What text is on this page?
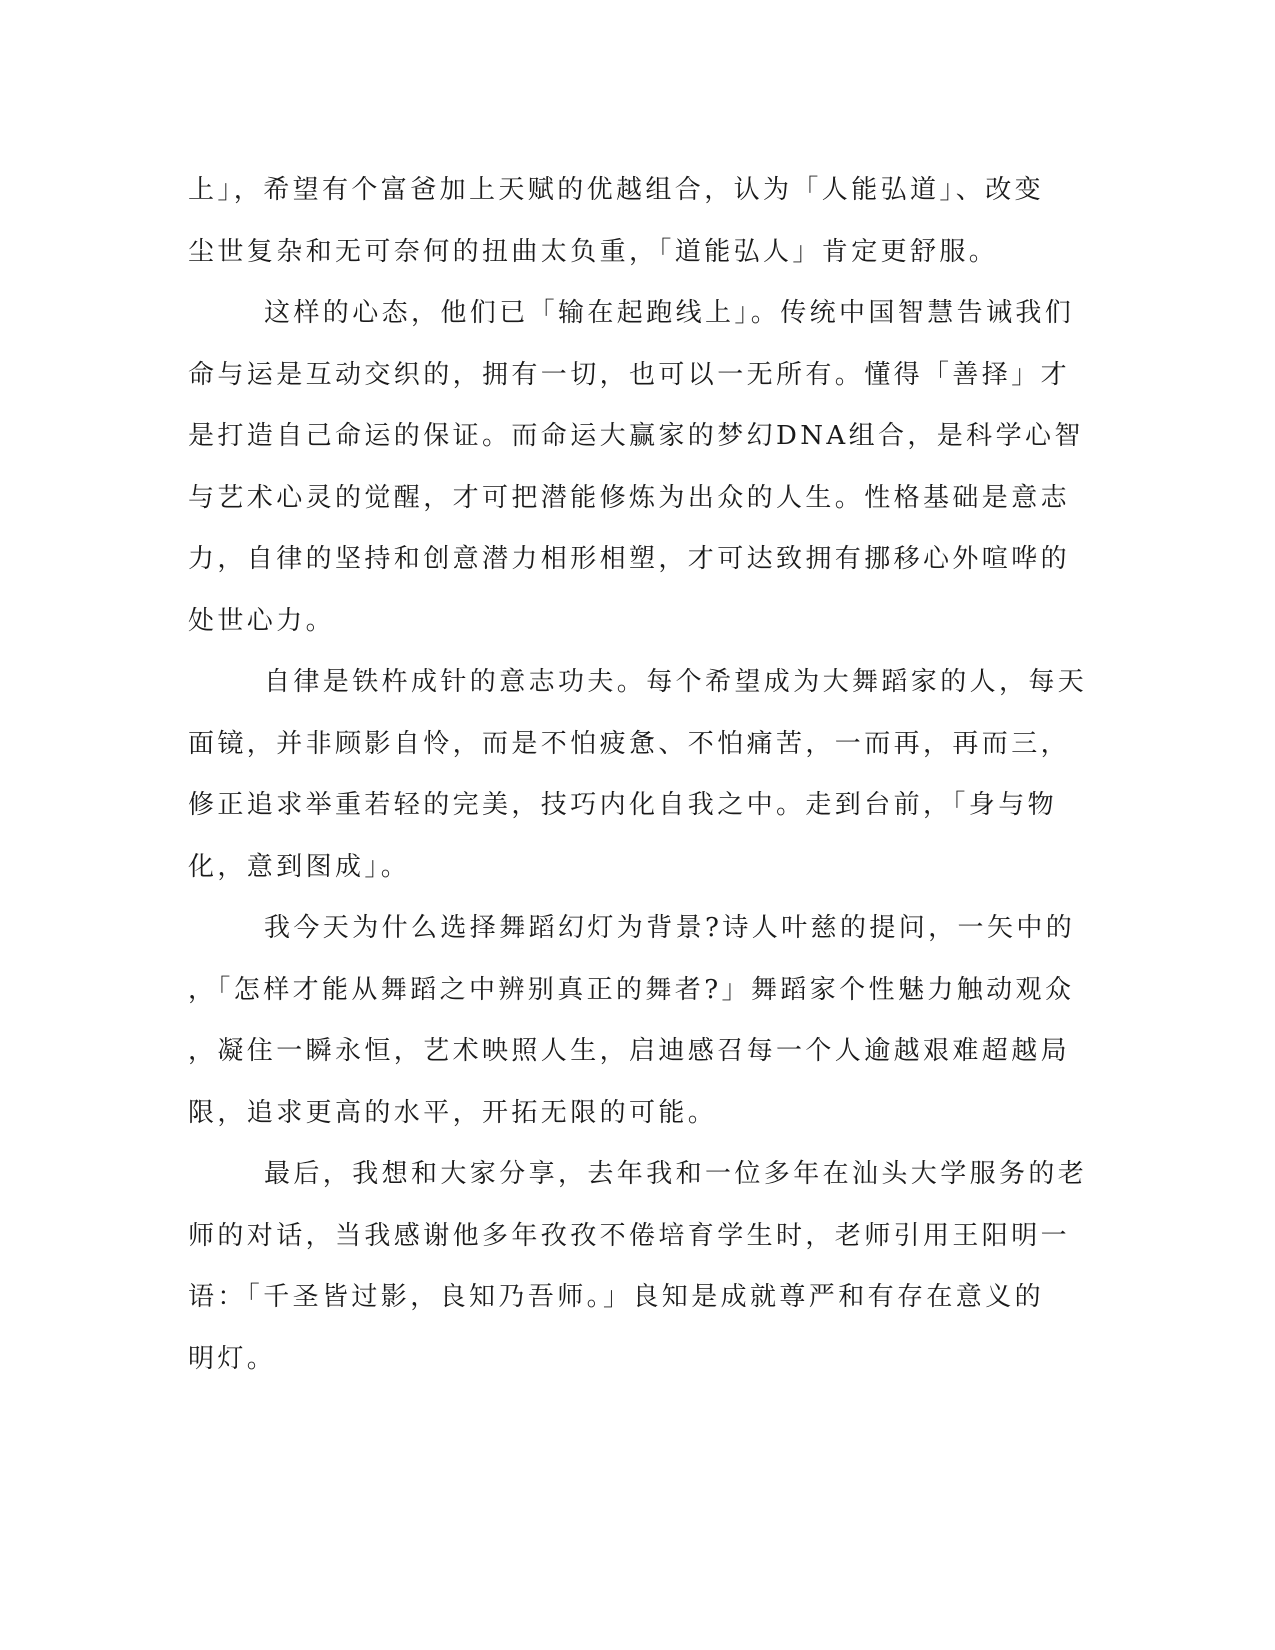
上」，希望有个富爸加上天赋的优越组合，认为「人能弘道」、改变
尘世复杂和无可奈何的扭曲太负重，「道能弘人」肯定更舒服。
这样的心态，他们已「输在起跑线上」。传统中国智慧告诫我们
命与运是互动交织的，拥有一切，也可以一无所有。懂得「善择」才
是打造自己命运的保证。而命运大赢家的梦幻DNA组合，是科学心智
与艺术心灵的觉醒，才可把潜能修炼为出众的人生。性格基础是意志
力，自律的坚持和创意潜力相形相塑，才可达致拥有挪移心外喧哗的
处世心力。
自律是铁杵成针的意志功夫。每个希望成为大舞蹈家的人，每天
面镜，并非顾影自怜，而是不怕疲惫、不怕痛苦，一而再，再而三，
修正追求举重若轻的完美，技巧内化自我之中。走到台前，「身与物
化，意到图成」。
我今天为什么选择舞蹈幻灯为背景?诗人叶慈的提问，一矢中的
，「怎样才能从舞蹈之中辨别真正的舞者?」舞蹈家个性魅力触动观众
，凝住一瞬永恒，艺术映照人生，启迪感召每一个人逾越艰难超越局
限，追求更高的水平，开拓无限的可能。
最后，我想和大家分享，去年我和一位多年在汕头大学服务的老
师的对话，当我感谢他多年孜孜不倦培育学生时，老师引用王阳明一
语：「千圣皆过影，良知乃吾师。」良知是成就尊严和有存在意义的
明灯。
